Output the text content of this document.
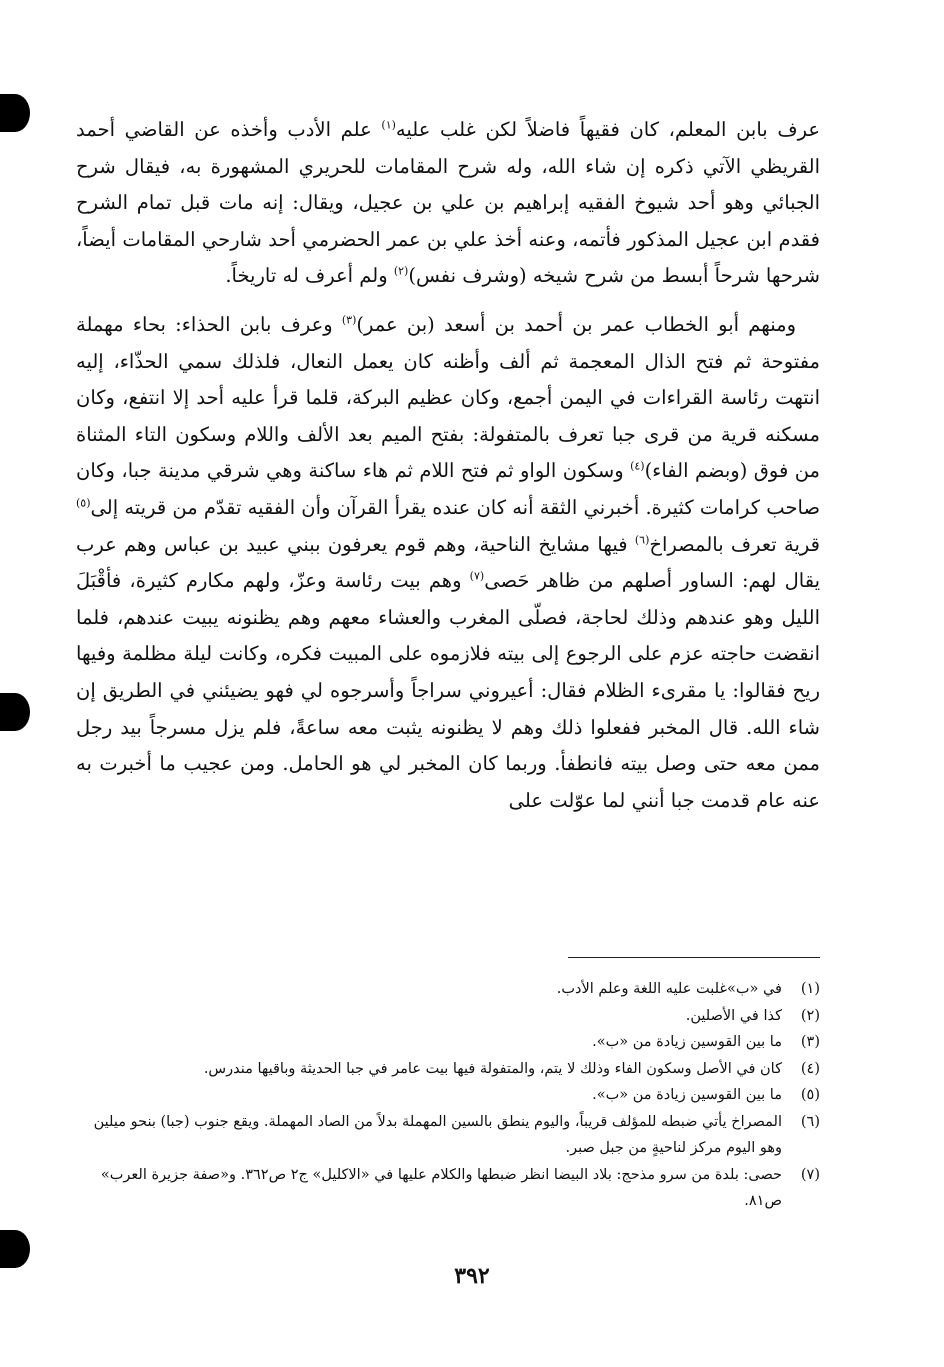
عرف بابن المعلم، كان فقيهاً فاضلاً لكن غلب عليه$^{(١)}$ علم الأدب وأخذه عن القاضي أحمد القريظي الآتي ذكره إن شاء الله، وله شرح المقامات للحريري المشهورة به، فيقال شرح الجبائي وهو أحد شيوخ الفقيه إبراهيم بن علي بن عجيل، ويقال: إنه مات قبل تمام الشرح فقدم ابن عجيل المذكور فأتمه، وعنه أخذ علي بن عمر الحضرمي أحد شارحي المقامات أيضاً، شرحها شرحاً أبسط من شرح شيخه (وشرف نفس)$^{(٢)}$ ولم أعرف له تاريخاً.

ومنهم أبو الخطاب عمر بن أحمد بن أسعد (بن عمر)$^{(٣)}$ وعرف بابن الحذاء: بحاء مهملة مفتوحة ثم فتح الذال المعجمة ثم ألف وأظنه كان يعمل النعال، فلذلك سمي الحذّاء، إليه انتهت رئاسة القراءات في اليمن أجمع، وكان عظيم البركة، قلما قرأ عليه أحد إلا انتفع، وكان مسكنه قرية من قرى جبا تعرف بالمتفولة: بفتح الميم بعد الألف واللام وسكون التاء المثناة من فوق (وبضم الفاء)$^{(٤)}$ وسكون الواو ثم فتح اللام ثم هاء ساكنة وهي شرقي مدينة جبا، وكان صاحب كرامات كثيرة. أخبرني الثقة أنه كان عنده يقرأ القرآن وأن الفقيه تقدّم من قريته إلى$^{(٥)}$ قرية تعرف بالمصراخ$^{(٦)}$ فيها مشايخ الناحية، وهم قوم يعرفون ببني عبيد بن عباس وهم عرب يقال لهم: الساور أصلهم من ظاهر حَصى$^{(٧)}$ وهم بيت رئاسة وعزّ، ولهم مكارم كثيرة، فأقْبَلَ الليل وهو عندهم وذلك لحاجة، فصلّى المغرب والعشاء معهم وهم يظنونه يبيت عندهم، فلما انقضت حاجته عزم على الرجوع إلى بيته فلازموه على المبيت فكره، وكانت ليلة مظلمة وفيها ريح فقالوا: يا مقرىء الظلام فقال: أعيروني سراجاً وأسرجوه لي فهو يضيئني في الطريق إن شاء الله. قال المخبر ففعلوا ذلك وهم لا يظنونه يثبت معه ساعةً، فلم يزل مسرجاً بيد رجل ممن معه حتى وصل بيته فانطفأ. وربما كان المخبر لي هو الحامل. ومن عجيب ما أخبرت به عنه عام قدمت جبا أنني لما عوّلت على

(١)
في «ب»غلبت عليه اللغة وعلم الأدب.
(٢)
كذا في الأصلين.
(٣)
ما بين القوسين زيادة من «ب».
(٤)
كان في الأصل وسكون الفاء وذلك لا يتم، والمتفولة فيها بيت عامر في جبا الحديثة وباقيها مندرس.
(٥)
ما بين القوسين زيادة من «ب».
(٦)
المصراخ يأتي ضبطه للمؤلف قريباً، واليوم ينطق بالسين المهملة بدلاً من الصاد المهملة. ويقع جنوب (جبا) بنحو ميلين وهو اليوم مركز لناحيةٍ من جبل صبر.
(٧)
حصى: بلدة من سرو مذحج: بلاد البيضا انظر ضبطها والكلام عليها في «الاكليل» ج٢ ص٣٦٢. و«صفة جزيرة العرب» ص٨١.
٣٩٢
